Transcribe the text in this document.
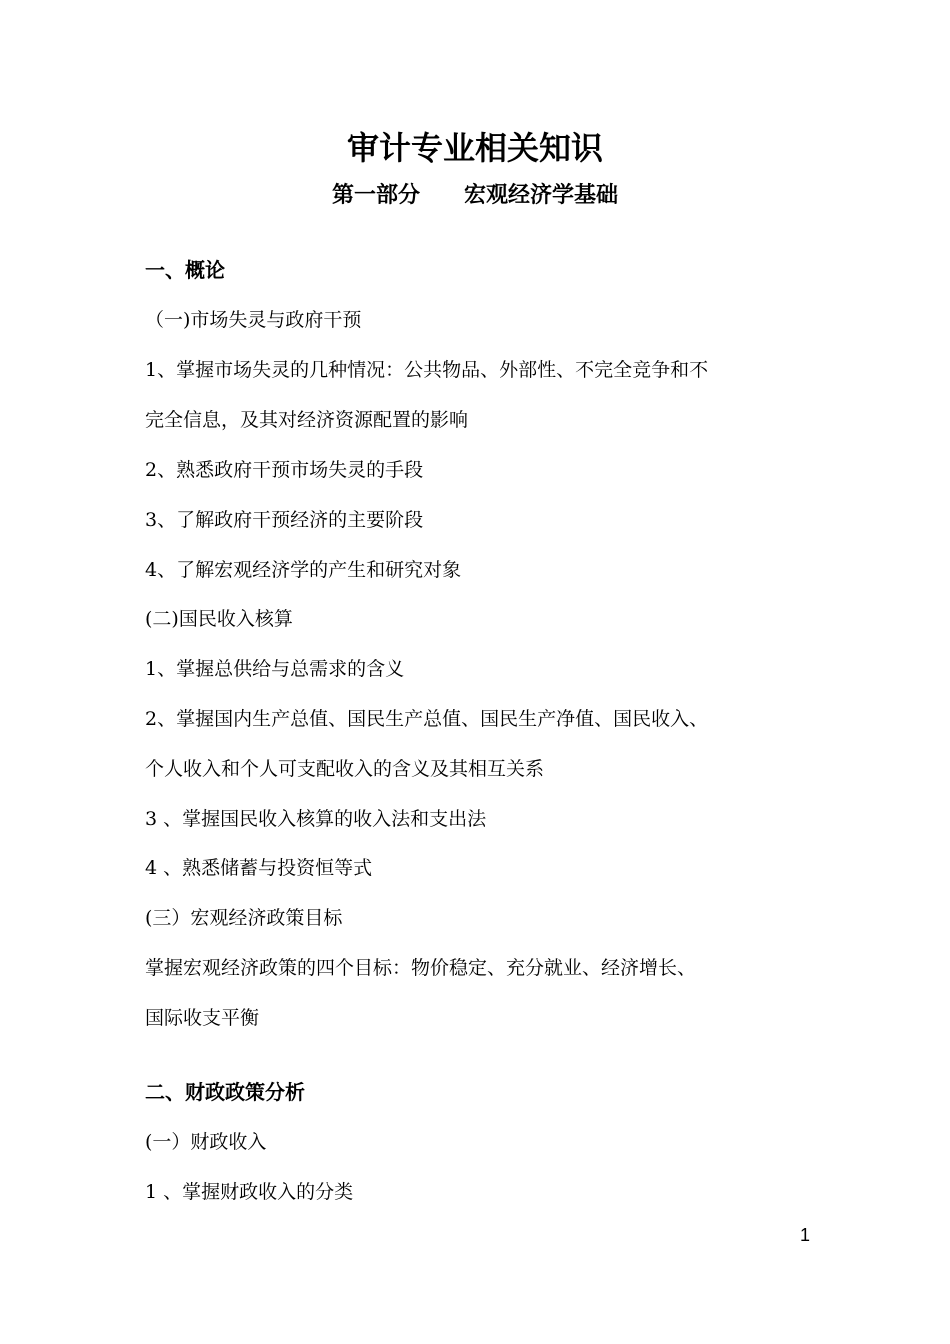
审计专业相关知识
第一部分　　宏观经济学基础
一、概论
（一)市场失灵与政府干预
1、掌握市场失灵的几种情况：公共物品、外部性、不完全竞争和不
完全信息，及其对经济资源配置的影响
2、熟悉政府干预市场失灵的手段
3、了解政府干预经济的主要阶段
4、了解宏观经济学的产生和研究对象
(二)国民收入核算
1、掌握总供给与总需求的含义
2、掌握国内生产总值、国民生产总值、国民生产净值、国民收入、
个人收入和个人可支配收入的含义及其相互关系
3 、掌握国民收入核算的收入法和支出法
4 、熟悉储蓄与投资恒等式
(三）宏观经济政策目标
掌握宏观经济政策的四个目标：物价稳定、充分就业、经济增长、
国际收支平衡
二、财政政策分析
(一）财政收入
1 、掌握财政收入的分类
1
